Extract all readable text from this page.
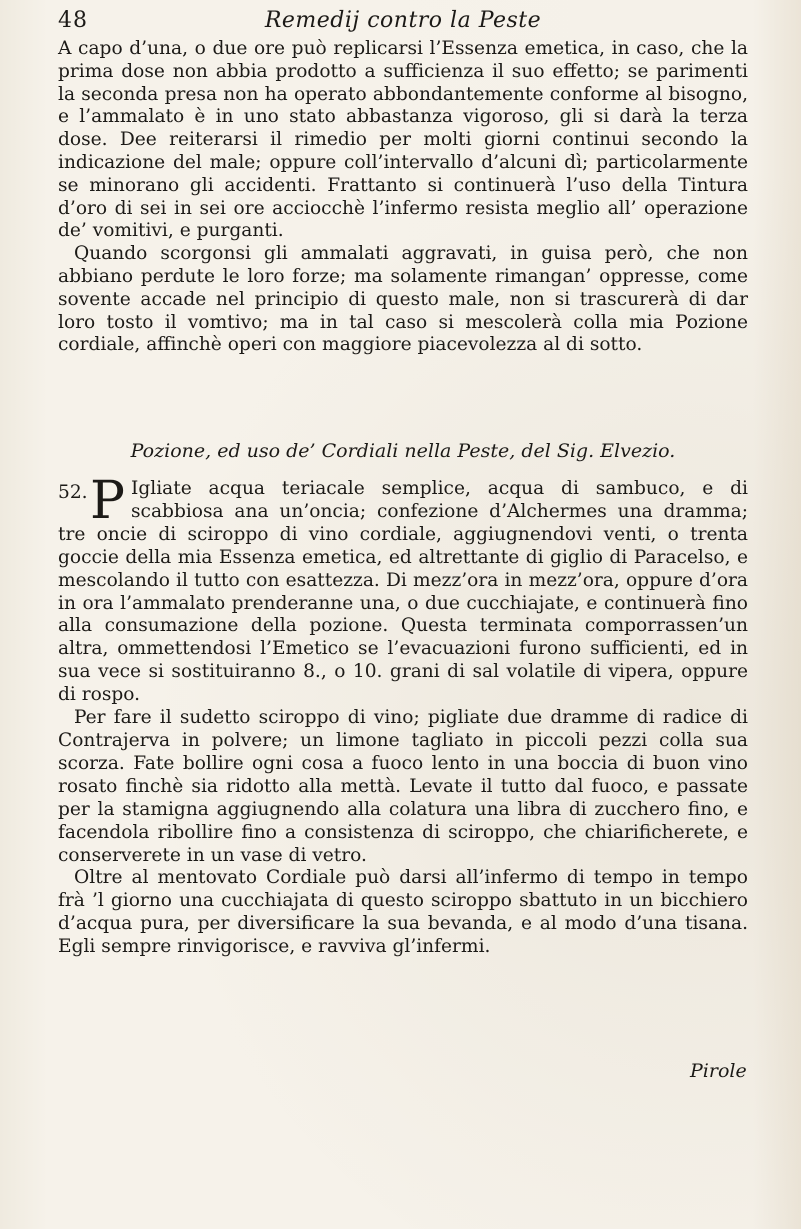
48	Remedij contro la Peste

A capo d’una, o due ore può replicarsi l’Essenza emetica, in caso, che la prima dose non abbia prodotto a sufficienza il suo effetto; se parimenti la seconda presa non ha operato abbondantemente conforme al bisogno, e l’ammalato è in uno stato abbastanza vigoroso, gli si darà la terza dose. Dee reiterarsi il rimedio per molti giorni continui secondo la indicazione del male; oppure coll’intervallo d’alcuni dì; particolarmente se minorano gli accidenti. Frattanto si continuerà l’uso della Tintura d’oro di sei in sei ore acciocchè l’infermo resista meglio all’ operazione de’ vomitivi, e purganti.

Quando scorgonsi gli ammalati aggravati, in guisa però, che non abbiano perdute le loro forze; ma solamente rimangan’ oppresse, come sovente accade nel principio di questo male, non si trascurerà di dar loro tosto il vomtivo; ma in tal caso si mescolerà colla mia Pozione cordiale, affinchè operi con maggiore piacevolezza al di sotto.

Pozione, ed uso de’ Cordiali nella Peste, del Sig. Elvezio.

52. P Igliate acqua teriacale semplice, acqua di sambuco, e di scabbiosa ana un’oncia; confezione d’Alchermes una dramma; tre oncie di sciroppo di vino cordiale, aggiugnendovi venti, o trenta goccie della mia Essenza emetica, ed altrettante di giglio di Paracelso, e mescolando il tutto con esattezza. Di mezz’ora in mezz’ora, oppure d’ora in ora l’ammalato prenderanne una, o due cucchiajate, e continuerà fino alla consumazione della pozione. Questa terminata comporrassen’un altra, ommettendosi l’Emetico se l’evacuazioni furono sufficienti, ed in sua vece si sostituiranno 8., o 10. grani di sal volatile di vipera, oppure di rospo.

Per fare il sudetto sciroppo di vino; pigliate due dramme di radice di Contrajerva in polvere; un limone tagliato in piccoli pezzi colla sua scorza. Fate bollire ogni cosa a fuoco lento in una boccia di buon vino rosato finchè sia ridotto alla mettà. Levate il tutto dal fuoco, e passate per la stamigna aggiugnendo alla colatura una libra di zucchero fino, e facendola ribollire fino a consistenza di sciroppo, che chiarificherete, e conserverete in un vase di vetro.

Oltre al mentovato Cordiale può darsi all’infermo di tempo in tempo frà ’l giorno una cucchiajata di questo sciroppo sbattuto in un bicchiero d’acqua pura, per diversificare la sua bevanda, e al modo d’una tisana. Egli sempre rinvigorisce, e ravviva gl’infermi.

Pirole
